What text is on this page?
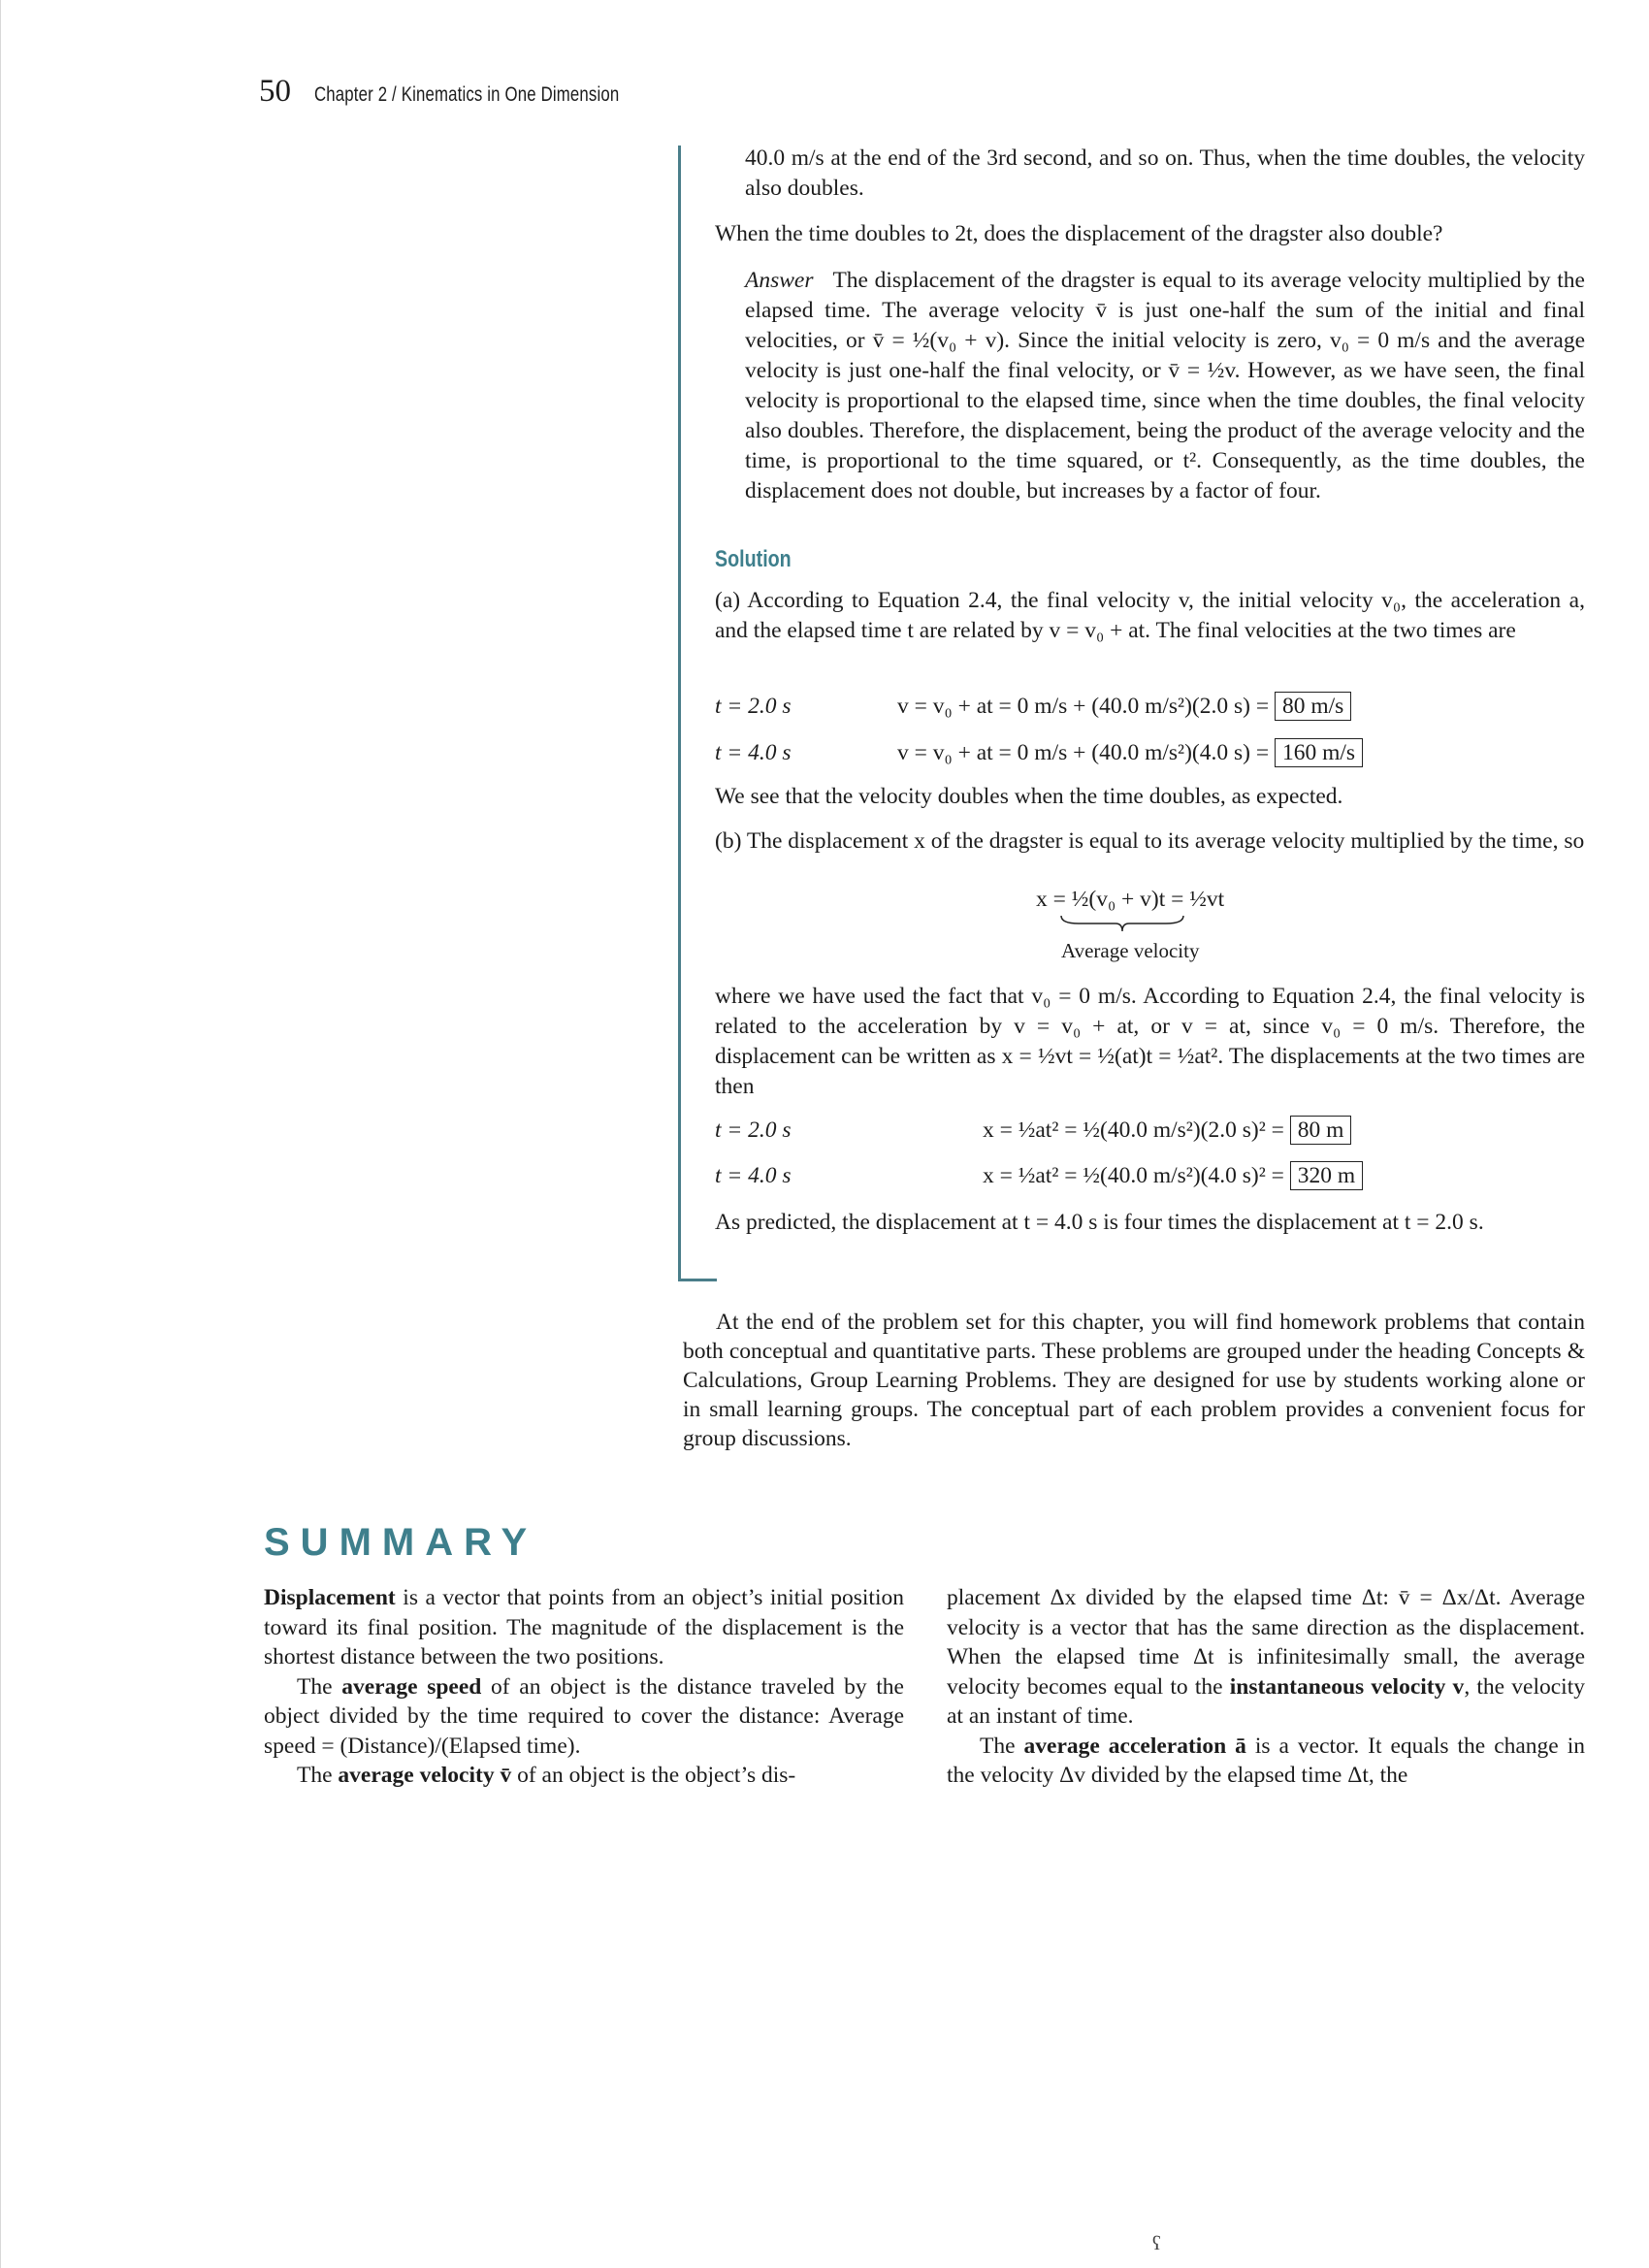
50 Chapter 2 / Kinematics in One Dimension

40.0 m/s at the end of the 3rd second, and so on. Thus, when the time doubles, the velocity also doubles.

When the time doubles to 2t, does the displacement of the dragster also double?

Answer The displacement of the dragster is equal to its average velocity multiplied by the elapsed time. The average velocity v̄ is just one-half the sum of the initial and final velocities, or v̄ = ½(v₀ + v). Since the initial velocity is zero, v₀ = 0 m/s and the average velocity is just one-half the final velocity, or v̄ = ½v. However, as we have seen, the final velocity is proportional to the elapsed time, since when the time doubles, the final velocity also doubles. Therefore, the displacement, being the product of the average velocity and the time, is proportional to the time squared, or t². Consequently, as the time doubles, the displacement does not double, but increases by a factor of four.

Solution

(a) According to Equation 2.4, the final velocity v, the initial velocity v₀, the acceleration a, and the elapsed time t are related by v = v₀ + at. The final velocities at the two times are

t = 2.0 s	v = v₀ + at = 0 m/s + (40.0 m/s²)(2.0 s) = 80 m/s
t = 4.0 s	v = v₀ + at = 0 m/s + (40.0 m/s²)(4.0 s) = 160 m/s

We see that the velocity doubles when the time doubles, as expected.

(b) The displacement x of the dragster is equal to its average velocity multiplied by the time, so

x = ½(v₀ + v)t = ½vt
Average velocity

where we have used the fact that v₀ = 0 m/s. According to Equation 2.4, the final velocity is related to the acceleration by v = v₀ + at, or v = at, since v₀ = 0 m/s. Therefore, the displacement can be written as x = ½vt = ½(at)t = ½at². The displacements at the two times are then

t = 2.0 s	x = ½at² = ½(40.0 m/s²)(2.0 s)² = 80 m
t = 4.0 s	x = ½at² = ½(40.0 m/s²)(4.0 s)² = 320 m

As predicted, the displacement at t = 4.0 s is four times the displacement at t = 2.0 s.

At the end of the problem set for this chapter, you will find homework problems that contain both conceptual and quantitative parts. These problems are grouped under the heading Concepts & Calculations, Group Learning Problems. They are designed for use by students working alone or in small learning groups. The conceptual part of each problem provides a convenient focus for group discussions.

SUMMARY

Displacement is a vector that points from an object’s initial position toward its final position. The magnitude of the displacement is the shortest distance between the two positions.

The average speed of an object is the distance traveled by the object divided by the time required to cover the distance: Average speed = (Distance)/(Elapsed time).

The average velocity v̄ of an object is the object’s dis-

placement Δx divided by the elapsed time Δt: v̄ = Δx/Δt. Average velocity is a vector that has the same direction as the displacement. When the elapsed time Δt is infinitesimally small, the average velocity becomes equal to the instantaneous velocity v, the velocity at an instant of time.

The average acceleration ā is a vector. It equals the change in the velocity Δv divided by the elapsed time Δt, the

ʕ
